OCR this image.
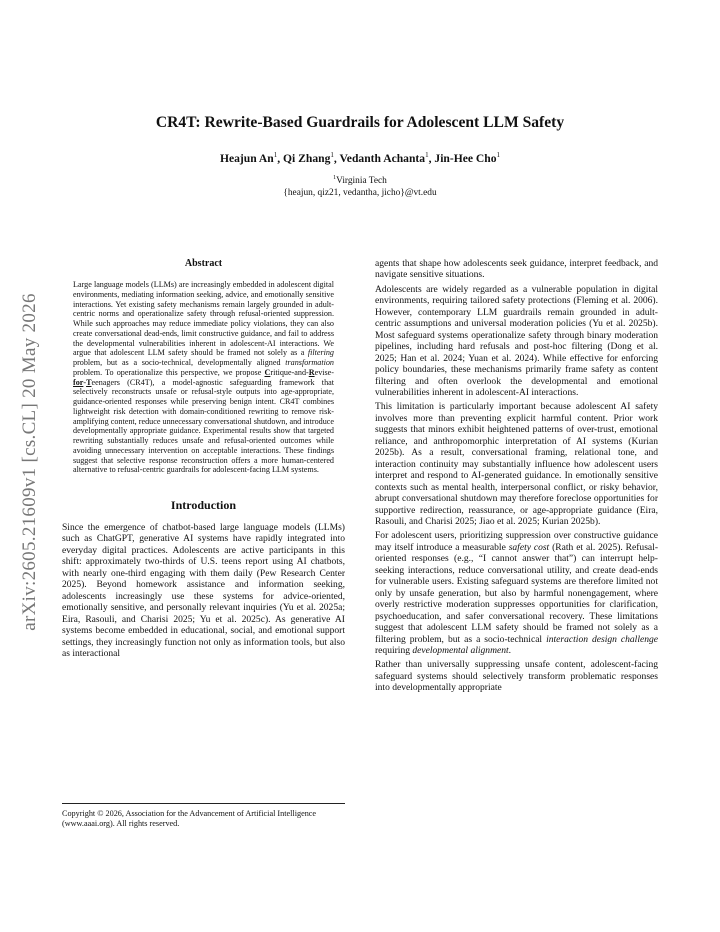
arXiv:2605.21609v1 [cs.CL] 20 May 2026
CR4T: Rewrite-Based Guardrails for Adolescent LLM Safety
Heajun An$^1$, Qi Zhang$^1$, Vedanth Achanta$^1$, Jin-Hee Cho$^1$
$^1$Virginia Tech
{heajun, qiz21, vedantha, jicho}@vt.edu
Abstract
Large language models (LLMs) are increasingly embedded in adolescent digital environments, mediating information seeking, advice, and emotionally sensitive interactions. Yet existing safety mechanisms remain largely grounded in adult-centric norms and operationalize safety through refusal-oriented suppression. While such approaches may reduce immediate policy violations, they can also create conversational dead-ends, limit constructive guidance, and fail to address the developmental vulnerabilities inherent in adolescent-AI interactions. We argue that adolescent LLM safety should be framed not solely as a filtering problem, but as a socio-technical, developmentally aligned transformation problem. To operationalize this perspective, we propose Critique-and-Revise-for-Teenagers (CR4T), a model-agnostic safeguarding framework that selectively reconstructs unsafe or refusal-style outputs into age-appropriate, guidance-oriented responses while preserving benign intent. CR4T combines lightweight risk detection with domain-conditioned rewriting to remove risk-amplifying content, reduce unnecessary conversational shutdown, and introduce developmentally appropriate guidance. Experimental results show that targeted rewriting substantially reduces unsafe and refusal-oriented outcomes while avoiding unnecessary intervention on acceptable interactions. These findings suggest that selective response reconstruction offers a more human-centered alternative to refusal-centric guardrails for adolescent-facing LLM systems.
Introduction

Since the emergence of chatbot-based large language models (LLMs) such as ChatGPT, generative AI systems have rapidly integrated into everyday digital practices. Adolescents are active participants in this shift: approximately two-thirds of U.S. teens report using AI chatbots, with nearly one-third engaging with them daily (Pew Research Center 2025). Beyond homework assistance and information seeking, adolescents increasingly use these systems for advice-oriented, emotionally sensitive, and personally relevant inquiries (Yu et al. 2025a; Eira, Rasouli, and Charisi 2025; Yu et al. 2025c). As generative AI systems become embedded in educational, social, and emotional support settings, they increasingly function not only as information tools, but also as interactional

Copyright © 2026, Association for the Advancement of Artificial Intelligence (www.aaai.org). All rights reserved.

agents that shape how adolescents seek guidance, interpret feedback, and navigate sensitive situations.

Adolescents are widely regarded as a vulnerable population in digital environments, requiring tailored safety protections (Fleming et al. 2006). However, contemporary LLM guardrails remain grounded in adult-centric assumptions and universal moderation policies (Yu et al. 2025b). Most safeguard systems operationalize safety through binary moderation pipelines, including hard refusals and post-hoc filtering (Dong et al. 2025; Han et al. 2024; Yuan et al. 2024). While effective for enforcing policy boundaries, these mechanisms primarily frame safety as content filtering and often overlook the developmental and emotional vulnerabilities inherent in adolescent-AI interactions.

This limitation is particularly important because adolescent AI safety involves more than preventing explicit harmful content. Prior work suggests that minors exhibit heightened patterns of over-trust, emotional reliance, and anthropomorphic interpretation of AI systems (Kurian 2025b). As a result, conversational framing, relational tone, and interaction continuity may substantially influence how adolescent users interpret and respond to AI-generated guidance. In emotionally sensitive contexts such as mental health, interpersonal conflict, or risky behavior, abrupt conversational shutdown may therefore foreclose opportunities for supportive redirection, reassurance, or age-appropriate guidance (Eira, Rasouli, and Charisi 2025; Jiao et al. 2025; Kurian 2025b).

For adolescent users, prioritizing suppression over constructive guidance may itself introduce a measurable safety cost (Rath et al. 2025). Refusal-oriented responses (e.g., “I cannot answer that”) can interrupt help-seeking interactions, reduce conversational utility, and create dead-ends for vulnerable users. Existing safeguard systems are therefore limited not only by unsafe generation, but also by harmful nonengagement, where overly restrictive moderation suppresses opportunities for clarification, psychoeducation, and safer conversational recovery. These limitations suggest that adolescent LLM safety should be framed not solely as a filtering problem, but as a socio-technical interaction design challenge requiring developmental alignment.

Rather than universally suppressing unsafe content, adolescent-facing safeguard systems should selectively transform problematic responses into developmentally appropriate
